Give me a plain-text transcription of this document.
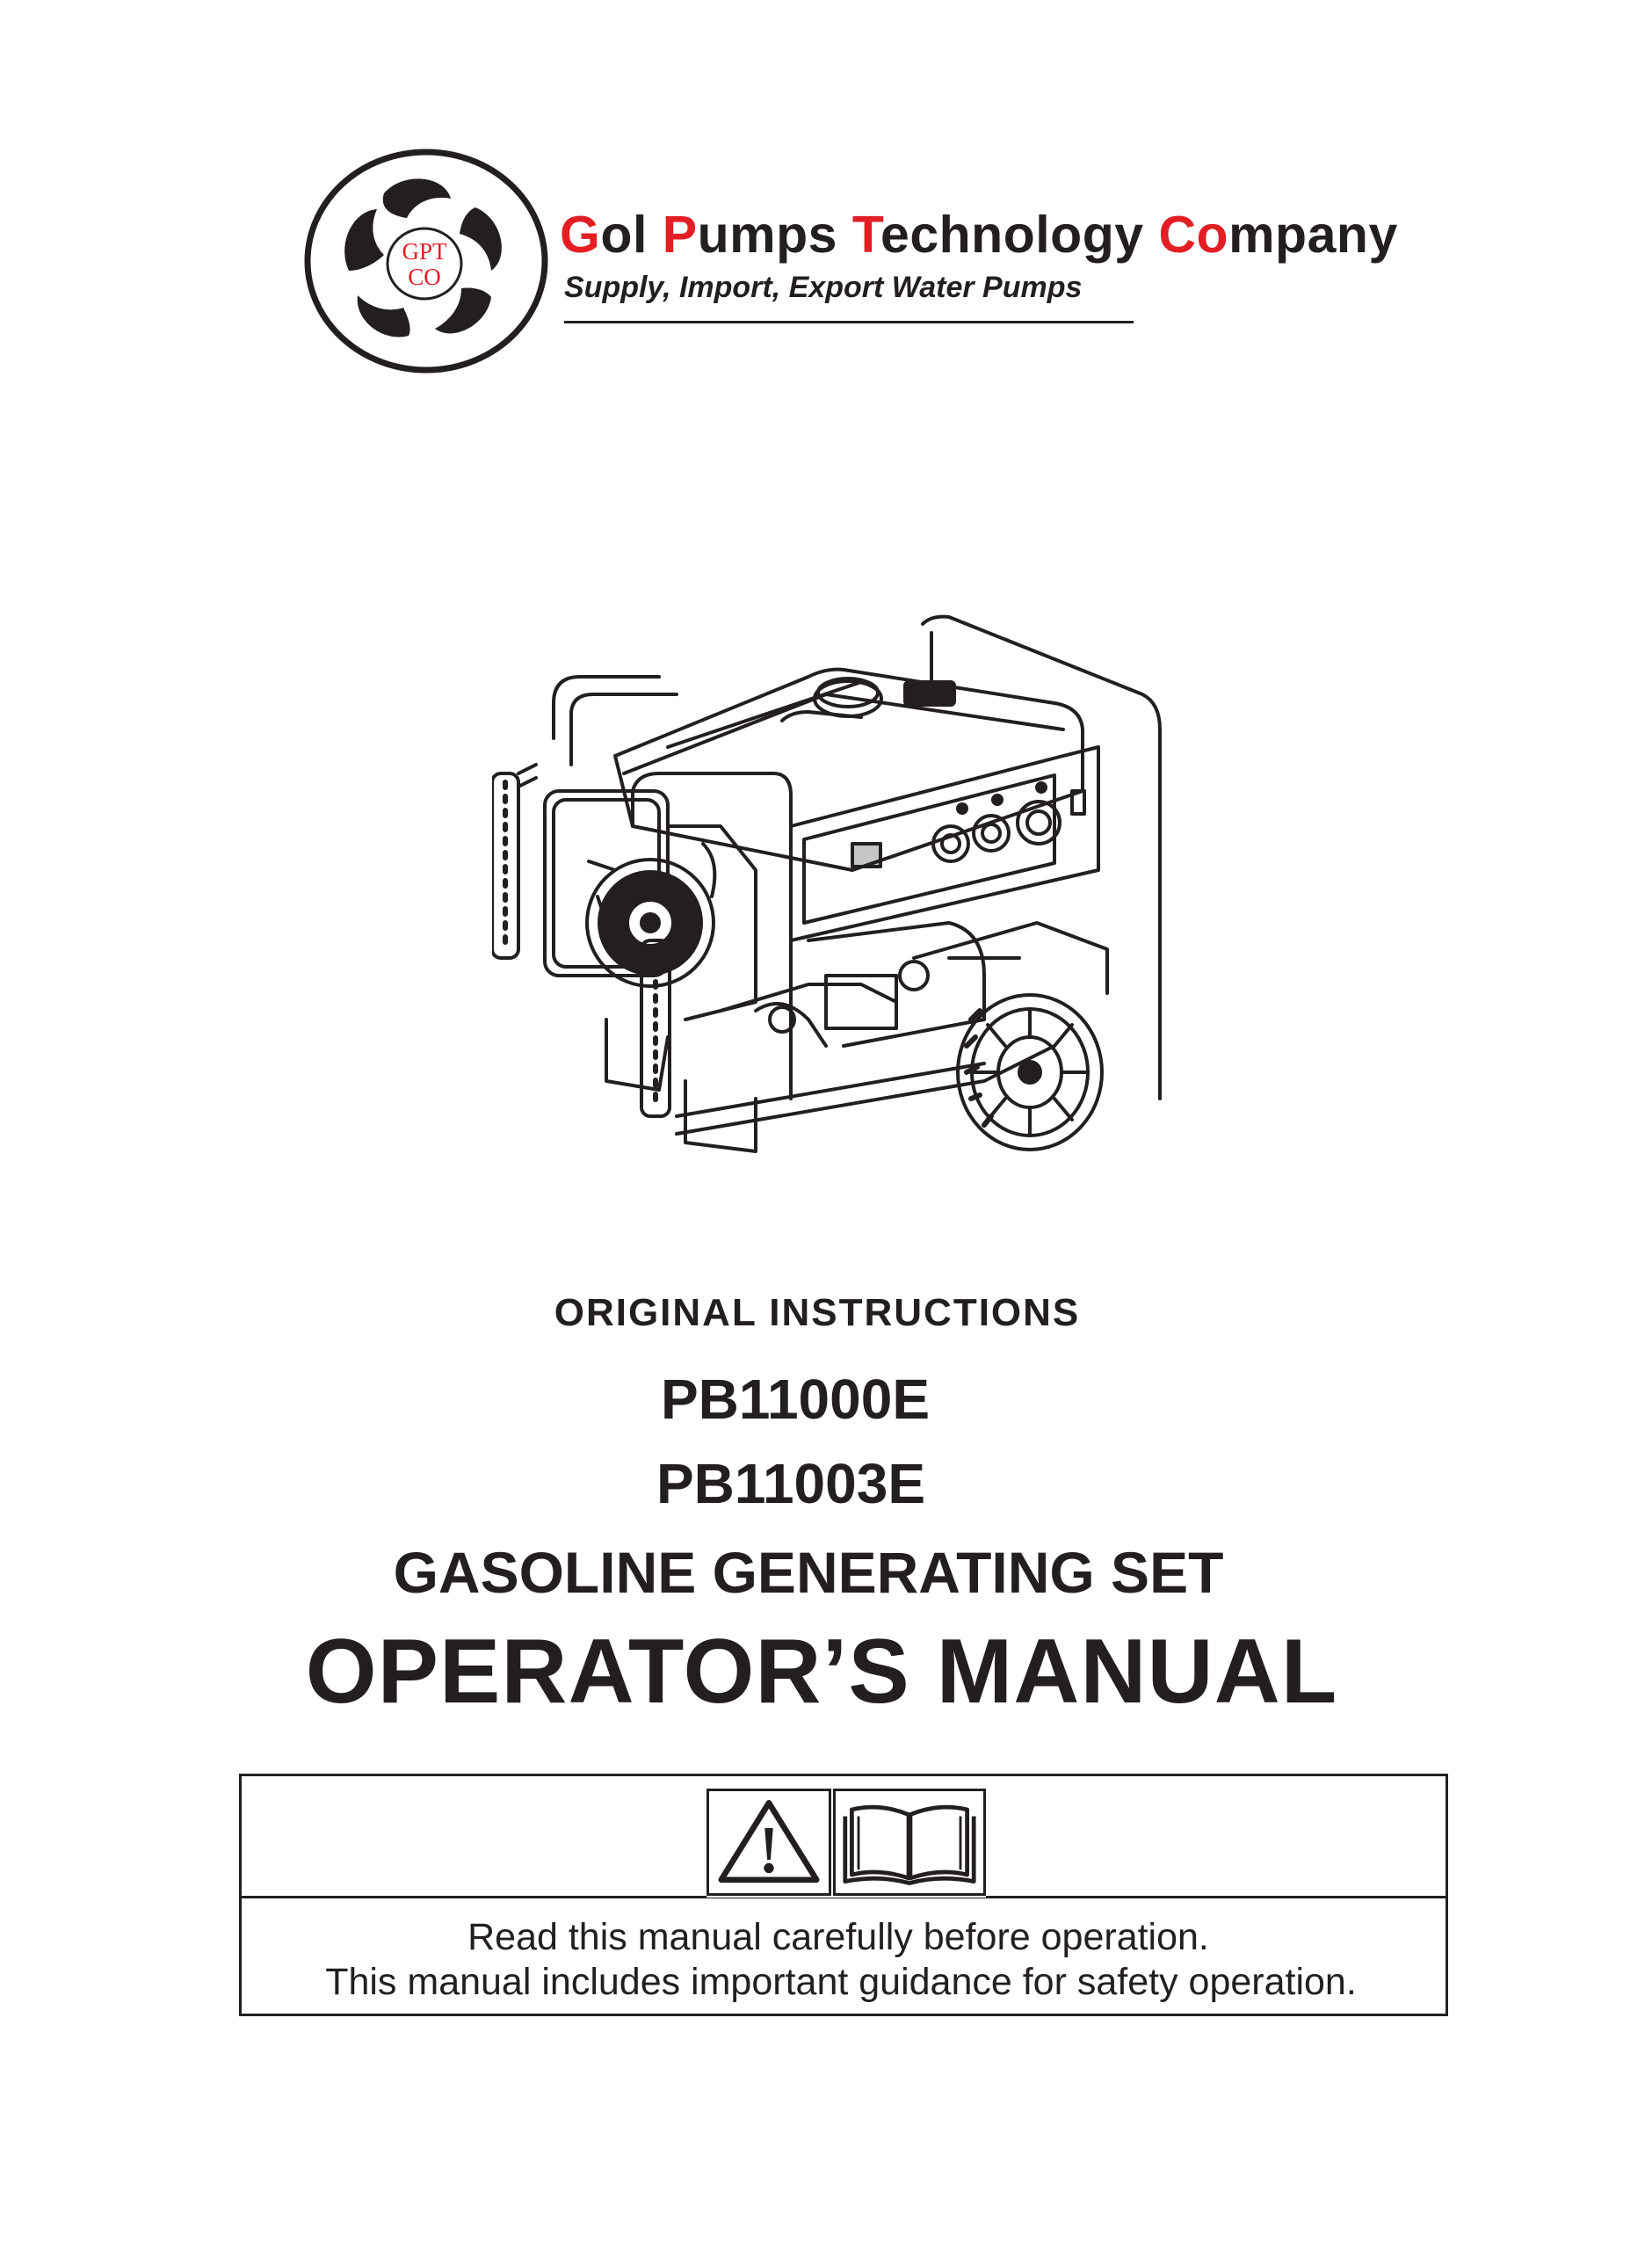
GPT
CO
Gol Pumps Technology Company
Supply, Import, Export Water Pumps
ORIGINAL INSTRUCTIONS
PB11000E
PB11003E
GASOLINE GENERATING SET
OPERATOR’S MANUAL
Read this manual carefully before operation.
This manual includes important guidance for safety operation.
